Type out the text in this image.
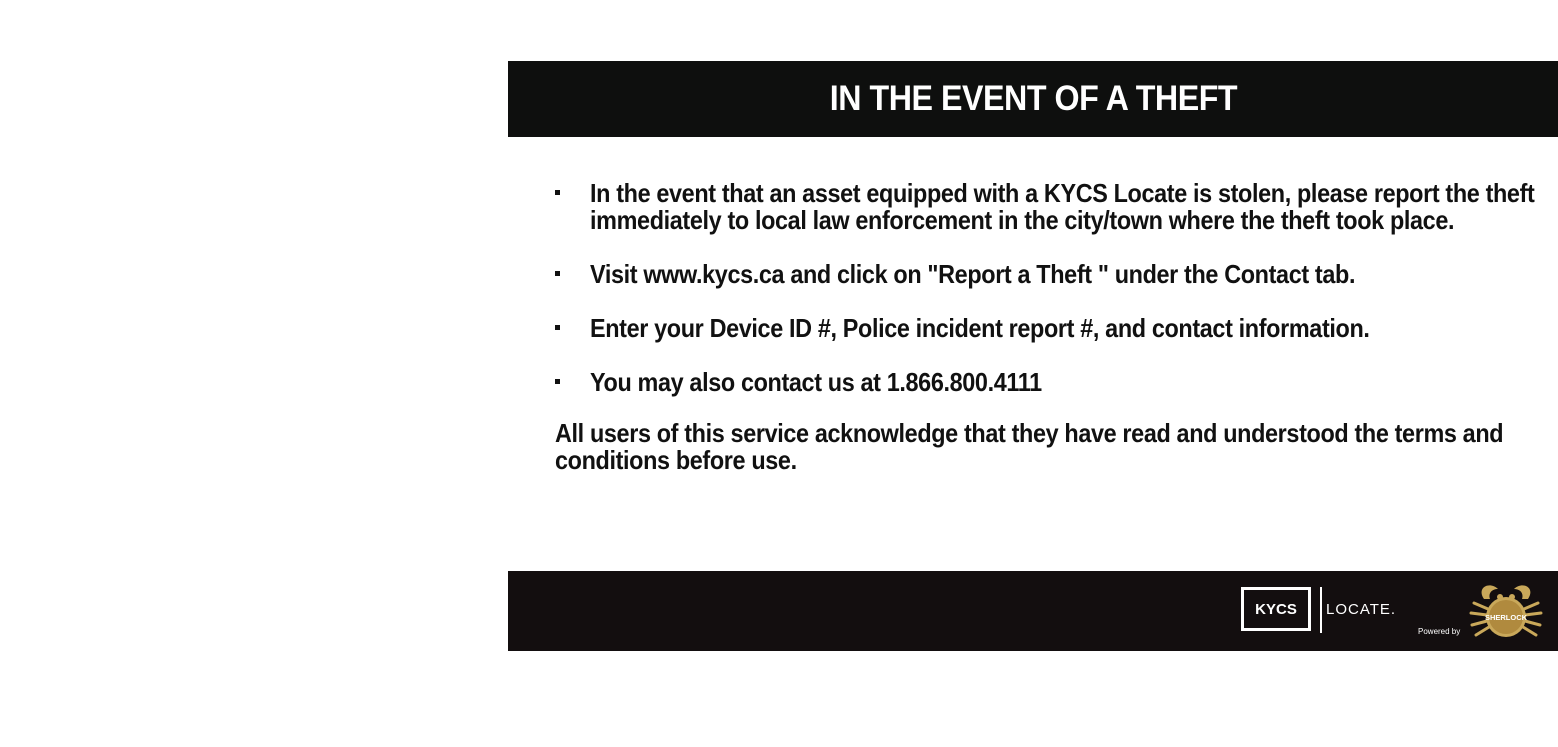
IN THE EVENT OF A THEFT
In the event that an asset equipped with a KYCS Locate is stolen, please report the theft immediately to local law enforcement in the city/town where the theft took place.
Visit www.kycs.ca and click on "Report a Theft " under the Contact tab.
Enter your Device ID #, Police incident report #, and contact information.
You may also contact us at 1.866.800.4111
All users of this service acknowledge that they have read and understood the terms and conditions before use.
KYCS LOCATE.
Powered by
SHERLOCK
